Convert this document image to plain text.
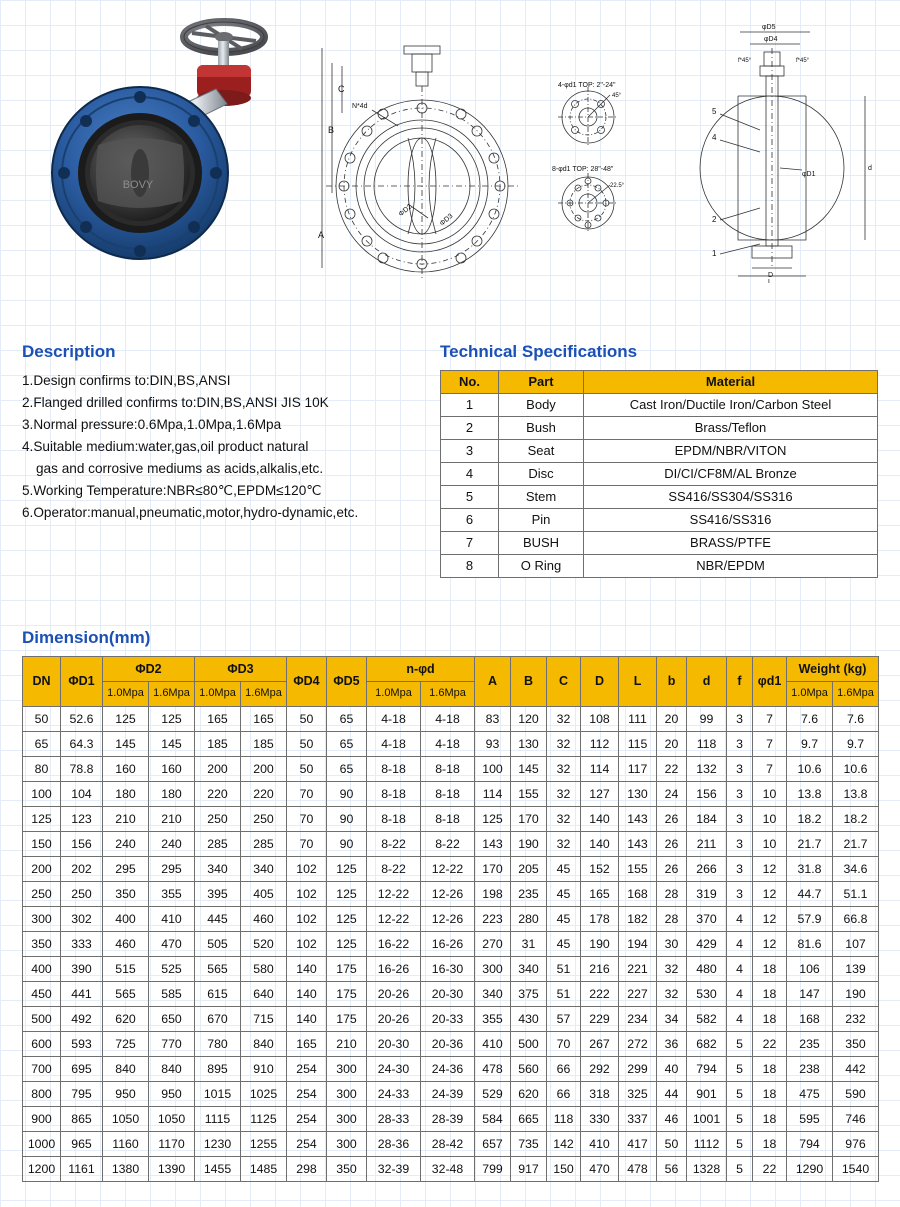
BOVY
A
B
C
N*4d
ΦD2
ΦD3
4-φd1 TOP: 2"-24"
45°
8-φd1 TOP: 28"-48"
22.5°
φD5
φD4
f*45°	f*45°
D
L
d
5
4
2
1
φD1
Description
1.Design confirms to:DIN,BS,ANSI
2.Flanged drilled confirms to:DIN,BS,ANSI JIS 10K
3.Normal pressure:0.6Mpa,1.0Mpa,1.6Mpa
4.Suitable medium:water,gas,oil product natural
gas and corrosive mediums as acids,alkalis,etc.
5.Working Temperature:NBR≤80℃,EPDM≤120℃
6.Operator:manual,pneumatic,motor,hydro-dynamic,etc.
Technical Specifications
No.	Part	Material
1	Body	Cast Iron/Ductile Iron/Carbon Steel
2	Bush	Brass/Teflon
3	Seat	EPDM/NBR/VITON
4	Disc	DI/CI/CF8M/AL Bronze
5	Stem	SS416/SS304/SS316
6	Pin	SS416/SS316
7	BUSH	BRASS/PTFE
8	O Ring	NBR/EPDM
Dimension(mm)
DN	ΦD1	ΦD2		ΦD3		ΦD4	ΦD5	n-φd		A	B	C	D	L	b	d	f	φd1	Weight (kg)	
		1.0Mpa	1.6Mpa	1.0Mpa	1.6Mpa			1.0Mpa	1.6Mpa										1.0Mpa	1.6Mpa
50	52.6	125	125	165	165	50	65	4-18	4-18	83	120	32	108	111	20	99	3	7	7.6	7.6
65	64.3	145	145	185	185	50	65	4-18	4-18	93	130	32	112	115	20	118	3	7	9.7	9.7
80	78.8	160	160	200	200	50	65	8-18	8-18	100	145	32	114	117	22	132	3	7	10.6	10.6
100	104	180	180	220	220	70	90	8-18	8-18	114	155	32	127	130	24	156	3	10	13.8	13.8
125	123	210	210	250	250	70	90	8-18	8-18	125	170	32	140	143	26	184	3	10	18.2	18.2
150	156	240	240	285	285	70	90	8-22	8-22	143	190	32	140	143	26	211	3	10	21.7	21.7
200	202	295	295	340	340	102	125	8-22	12-22	170	205	45	152	155	26	266	3	12	31.8	34.6
250	250	350	355	395	405	102	125	12-22	12-26	198	235	45	165	168	28	319	3	12	44.7	51.1
300	302	400	410	445	460	102	125	12-22	12-26	223	280	45	178	182	28	370	4	12	57.9	66.8
350	333	460	470	505	520	102	125	16-22	16-26	270	31	45	190	194	30	429	4	12	81.6	107
400	390	515	525	565	580	140	175	16-26	16-30	300	340	51	216	221	32	480	4	18	106	139
450	441	565	585	615	640	140	175	20-26	20-30	340	375	51	222	227	32	530	4	18	147	190
500	492	620	650	670	715	140	175	20-26	20-33	355	430	57	229	234	34	582	4	18	168	232
600	593	725	770	780	840	165	210	20-30	20-36	410	500	70	267	272	36	682	5	22	235	350
700	695	840	840	895	910	254	300	24-30	24-36	478	560	66	292	299	40	794	5	18	238	442
800	795	950	950	1015	1025	254	300	24-33	24-39	529	620	66	318	325	44	901	5	18	475	590
900	865	1050	1050	1115	1125	254	300	28-33	28-39	584	665	118	330	337	46	1001	5	18	595	746
1000	965	1160	1170	1230	1255	254	300	28-36	28-42	657	735	142	410	417	50	1112	5	18	794	976
1200	1161	1380	1390	1455	1485	298	350	32-39	32-48	799	917	150	470	478	56	1328	5	22	1290	1540
